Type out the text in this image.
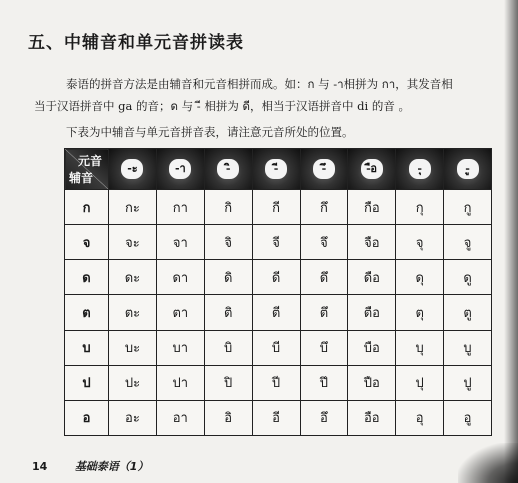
五、中辅音和单元音拼读表
泰语的拼音方法是由辅音和元音相拼而成。如：ก 与 -า相拼为 กา，其发音相
当于汉语拼音中 ga 的音；ด 与 -ี 相拼为 ดี，相当于汉语拼音中 di 的音 。
下表为中辅音与单元音拼音表，请注意元音所处的位置。
元音
辅音	-ะ	-า	-ิ	-ี	-ึ	-ือ	-ุ	-ู
ก	กะ	กา	กิ	กี	กึ	กือ	กุ	กู
จ	จะ	จา	จิ	จี	จึ	จือ	จุ	จู
ด	ดะ	ดา	ดิ	ดี	ดึ	ดือ	ดุ	ดู
ต	ตะ	ตา	ติ	ตี	ตึ	ตือ	ตุ	ตู
บ	บะ	บา	บิ	บี	บึ	บือ	บุ	บู
ป	ปะ	ปา	ปิ	ปี	ปึ	ปือ	ปุ	ปู
อ	อะ	อา	อิ	อี	อึ	อือ	อุ	อู
14	基础泰语（1）
